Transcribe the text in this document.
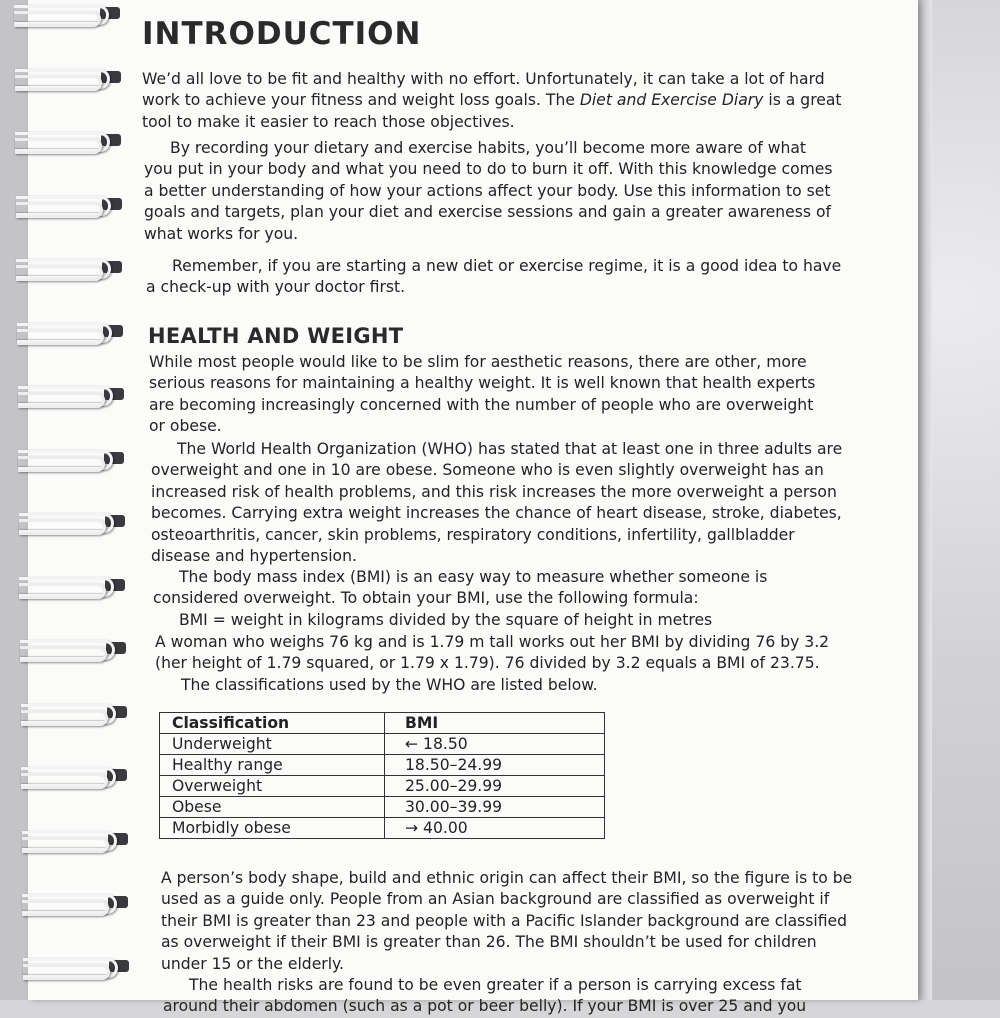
INTRODUCTION

We’d all love to be fit and healthy with no effort. Unfortunately, it can take a lot of hard
work to achieve your fitness and weight loss goals. The Diet and Exercise Diary is a great
tool to make it easier to reach those objectives.

By recording your dietary and exercise habits, you’ll become more aware of what
you put in your body and what you need to do to burn it off. With this knowledge comes
a better understanding of how your actions affect your body. Use this information to set
goals and targets, plan your diet and exercise sessions and gain a greater awareness of
what works for you.

Remember, if you are starting a new diet or exercise regime, it is a good idea to have
a check-up with your doctor first.

HEALTH AND WEIGHT

While most people would like to be slim for aesthetic reasons, there are other, more
serious reasons for maintaining a healthy weight. It is well known that health experts
are becoming increasingly concerned with the number of people who are overweight
or obese.

The World Health Organization (WHO) has stated that at least one in three adults are
overweight and one in 10 are obese. Someone who is even slightly overweight has an
increased risk of health problems, and this risk increases the more overweight a person
becomes. Carrying extra weight increases the chance of heart disease, stroke, diabetes,
osteoarthritis, cancer, skin problems, respiratory conditions, infertility, gallbladder
disease and hypertension.

The body mass index (BMI) is an easy way to measure whether someone is
considered overweight. To obtain your BMI, use the following formula:
BMI = weight in kilograms divided by the square of height in metres

A woman who weighs 76 kg and is 1.79 m tall works out her BMI by dividing 76 by 3.2
(her height of 1.79 squared, or 1.79 x 1.79). 76 divided by 3.2 equals a BMI of 23.75.
The classifications used by the WHO are listed below.

Classification	BMI
Underweight	← 18.50
Healthy range	18.50–24.99
Overweight	25.00–29.99
Obese	30.00–39.99
Morbidly obese	→ 40.00

A person’s body shape, build and ethnic origin can affect their BMI, so the figure is to be
used as a guide only. People from an Asian background are classified as overweight if
their BMI is greater than 23 and people with a Pacific Islander background are classified
as overweight if their BMI is greater than 26. The BMI shouldn’t be used for children
under 15 or the elderly.

The health risks are found to be even greater if a person is carrying excess fat
around their abdomen (such as a pot or beer belly). If your BMI is over 25 and you
